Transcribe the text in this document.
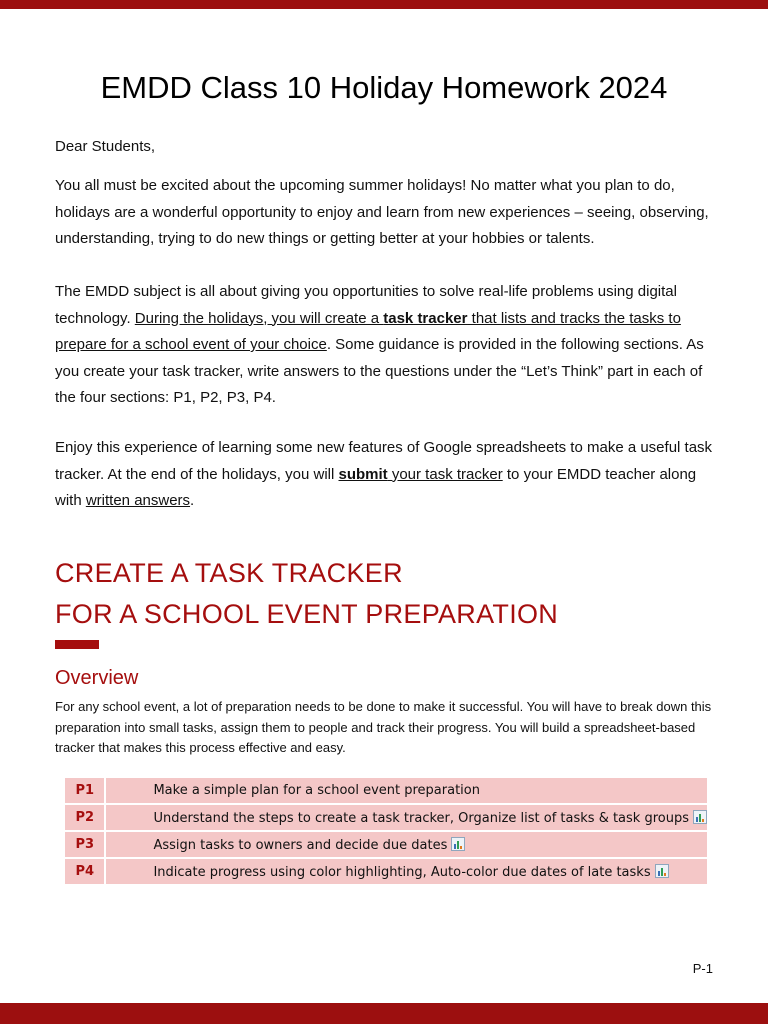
EMDD Class 10 Holiday Homework 2024
Dear Students,
You all must be excited about the upcoming summer holidays! No matter what you plan to do, holidays are a wonderful opportunity to enjoy and learn from new experiences – seeing, observing, understanding, trying to do new things or getting better at your hobbies or talents.
The EMDD subject is all about giving you opportunities to solve real-life problems using digital technology. During the holidays, you will create a task tracker that lists and tracks the tasks to prepare for a school event of your choice. Some guidance is provided in the following sections. As you create your task tracker, write answers to the questions under the “Let’s Think” part in each of the four sections: P1, P2, P3, P4.
Enjoy this experience of learning some new features of Google spreadsheets to make a useful task tracker. At the end of the holidays, you will submit your task tracker to your EMDD teacher along with written answers.
CREATE A TASK TRACKER
FOR A SCHOOL EVENT PREPARATION
Overview
For any school event, a lot of preparation needs to be done to make it successful. You will have to break down this preparation into small tasks, assign them to people and track their progress. You will build a spreadsheet-based tracker that makes this process effective and easy.
P1	Make a simple plan for a school event preparation
P2	Understand the steps to create a task tracker, Organize list of tasks & task groups
P3	Assign tasks to owners and decide due dates
P4	Indicate progress using color highlighting, Auto-color due dates of late tasks
P-1
